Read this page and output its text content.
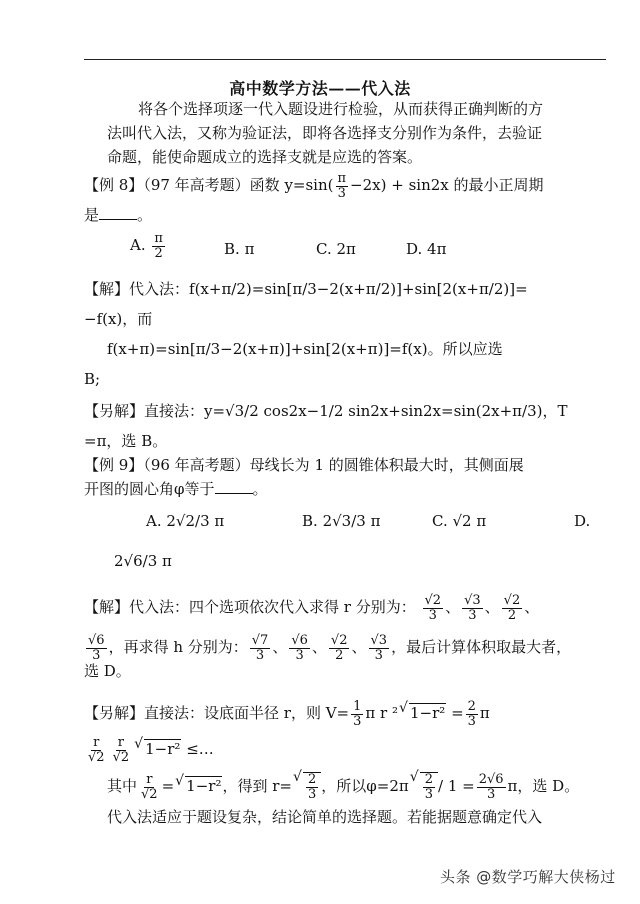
高中数学方法——代入法
将各个选择项逐一代入题设进行检验，从而获得正确判断的方
法叫代入法，又称为验证法，即将各选择支分别作为条件，去验证
命题，能使命题成立的选择支就是应选的答案。
【例 8】（97 年高考题）函数 $y=\sin( \frac{\pi}{3} -2x) + \sin 2x$ 的最小正周期
是	。
A. $\frac{\pi}{2}$	B. π	C. 2π	D. 4π
【解】代入法：f(x+π/2)=sin[π/3−2(x+π/2)]+sin[2(x+π/2)]=
−f(x)，而
f(x+π)=sin[π/3−2(x+π)]+sin[2(x+π)]=f(x)。所以应选
B;
【另解】直接法：y=√3/2 cos2x−1/2 sin2x+sin2x=sin(2x+π/3)，T
=π，选 B。
【例 9】（96 年高考题）母线长为 1 的圆锥体积最大时，其侧面展
开图的圆心角φ等于	。
A. 2√2/3 π	B. 2√3/3 π	C. √2 π	D.
2√6/3 π
【解】代入法：四个选项依次代入求得 r 分别为： $\frac{√2}{3}$ 、 $\frac{√3}{3}$ 、 $\frac{√2}{2}$ 、
$\frac{√6}{3}$ ，再求得 h 分别为： $\frac{√7}{3}$ 、 $\frac{√6}{3}$ 、 $\frac{√2}{2}$ 、 $\frac{√3}{3}$ ，最后计算体积取最大者，
选 D。
【另解】直接法：设底面半径 r，则 $V= \frac{1}{3}$ π r ² √ $1-r^2 = \frac{2}{3}$ π
$\frac{r}{√2} \frac{r}{√2}$ √ 1−r² ≤…
其中 $\frac{r}{√2}$ = √ 1−r²，得到 r= √ $\frac{2}{3}$ ，所以φ=2π √ $\frac{2}{3} / 1 = \frac{2√6}{3}$ π，选 D。
代入法适应于题设复杂，结论简单的选择题。若能据题意确定代入
头条 @数学巧解大侠杨过
